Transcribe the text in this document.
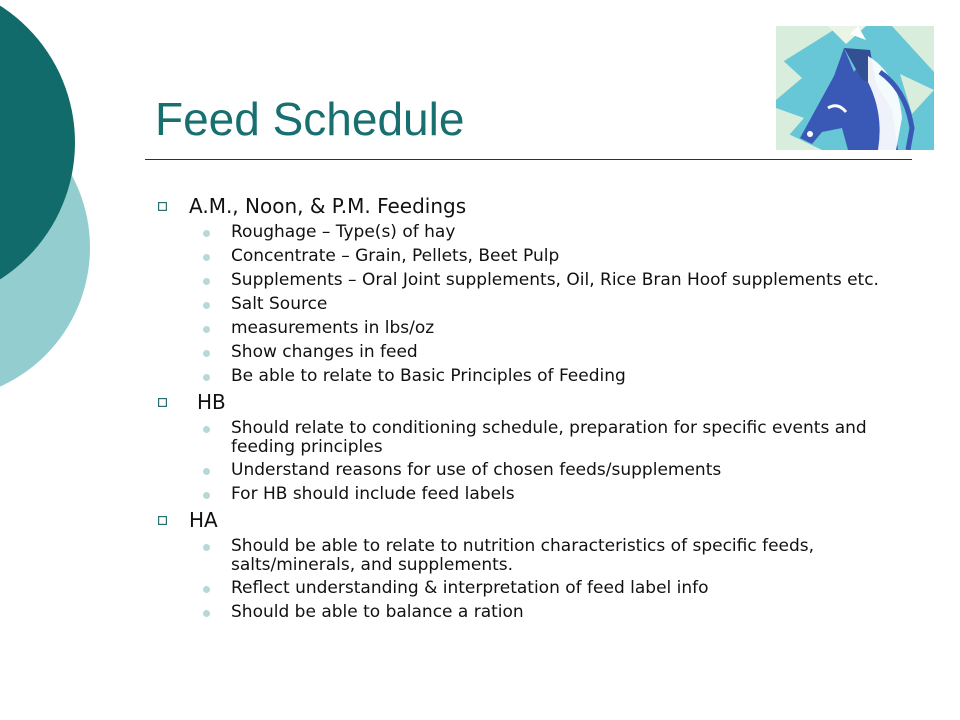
Feed Schedule
A.M., Noon, & P.M. Feedings
Roughage – Type(s) of hay
Concentrate – Grain, Pellets, Beet Pulp
Supplements – Oral Joint supplements, Oil, Rice Bran Hoof supplements etc.
Salt Source
measurements in lbs/oz
Show changes in feed
Be able to relate to Basic Principles of Feeding
HB
Should relate to conditioning schedule, preparation for specific events and feeding principles
Understand reasons for use of chosen feeds/supplements
For HB should include feed labels
HA
Should be able to relate to nutrition characteristics of specific feeds, salts/minerals, and supplements.
Reflect understanding & interpretation of feed label info
Should be able to balance a ration
